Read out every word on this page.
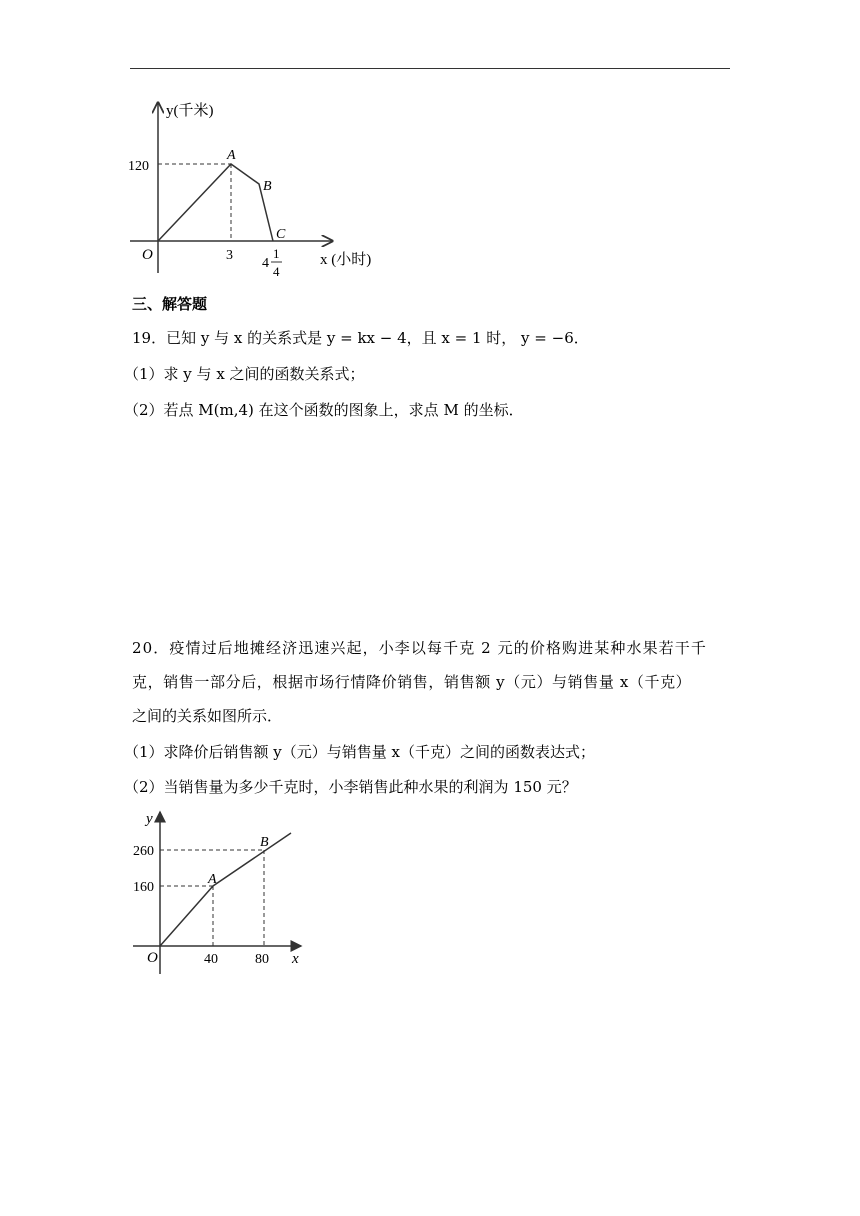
y(千米)
x (小时)
O
120
3
4
1
4
A
B
C
三、解答题
19．已知 y 与 x 的关系式是 y = kx − 4，且 x = 1 时， y = −6．
（1）求 y 与 x 之间的函数关系式；
（2）若点 M(m,4) 在这个函数的图象上，求点 M 的坐标．
20．疫情过后地摊经济迅速兴起，小李以每千克 2 元的价格购进某种水果若干千
克，销售一部分后，根据市场行情降价销售，销售额 y（元）与销售量 x（千克）
之间的关系如图所示．
（1）求降价后销售额 y（元）与销售量 x（千克）之间的函数表达式；
（2）当销售量为多少千克时，小李销售此种水果的利润为 150 元？
y
x
O
260
160
40	80
A
B
